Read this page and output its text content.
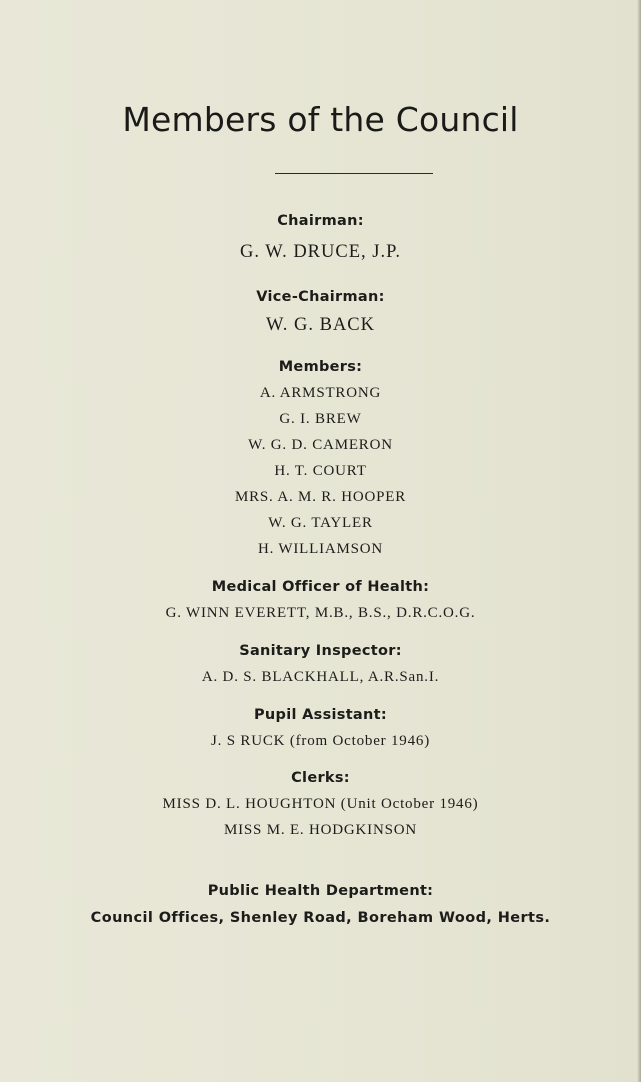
Members of the Council
Chairman:
G. W. DRUCE, J.P.
Vice-Chairman:
W. G. BACK
Members:
A. ARMSTRONG
G. I. BREW
W. G. D. CAMERON
H. T. COURT
MRS. A. M. R. HOOPER
W. G. TAYLER
H. WILLIAMSON
Medical Officer of Health:
G. WINN EVERETT, M.B., B.S., D.R.C.O.G.
Sanitary Inspector:
A. D. S. BLACKHALL, A.R.San.I.
Pupil Assistant:
J. S RUCK (from October 1946)
Clerks:
MISS D. L. HOUGHTON (Unit October 1946)
MISS M. E. HODGKINSON
Public Health Department:
Council Offices, Shenley Road, Boreham Wood, Herts.
